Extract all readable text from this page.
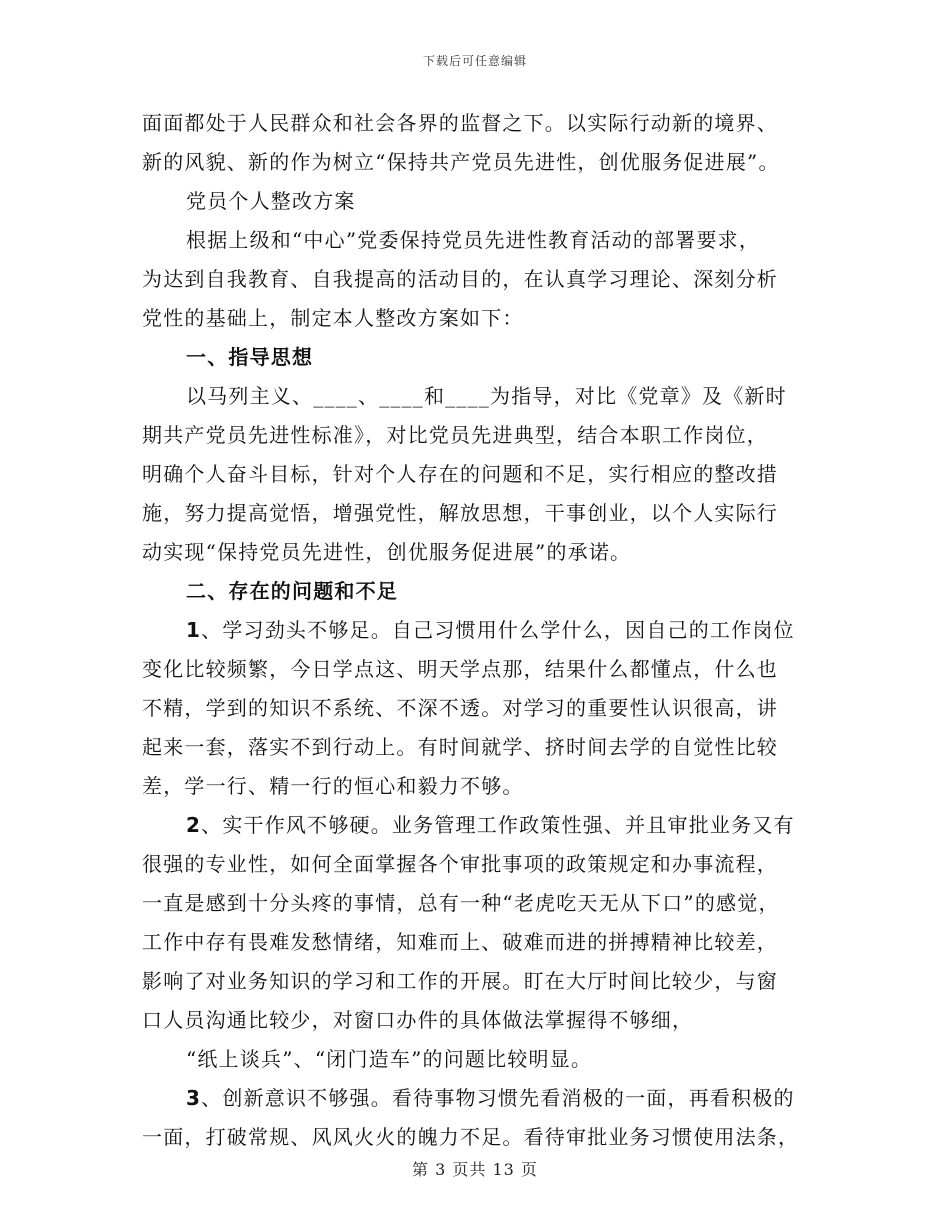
下载后可任意编辑
面面都处于人民群众和社会各界的监督之下。以实际行动新的境界、
新的风貌、新的作为树立“保持共产党员先进性，创优服务促进展”。
党员个人整改方案
根据上级和“中心”党委保持党员先进性教育活动的部署要求，
为达到自我教育、自我提高的活动目的，在认真学习理论、深刻分析
党性的基础上，制定本人整改方案如下：
一、指导思想
以马列主义、____、____和____为指导，对比《党章》及《新时
期共产党员先进性标准》，对比党员先进典型，结合本职工作岗位，
明确个人奋斗目标，针对个人存在的问题和不足，实行相应的整改措
施，努力提高觉悟，增强党性，解放思想，干事创业，以个人实际行
动实现“保持党员先进性，创优服务促进展”的承诺。
二、存在的问题和不足
1、学习劲头不够足。自己习惯用什么学什么，因自己的工作岗位
变化比较频繁，今日学点这、明天学点那，结果什么都懂点，什么也
不精，学到的知识不系统、不深不透。对学习的重要性认识很高，讲
起来一套，落实不到行动上。有时间就学、挤时间去学的自觉性比较
差，学一行、精一行的恒心和毅力不够。
2、实干作风不够硬。业务管理工作政策性强、并且审批业务又有
很强的专业性，如何全面掌握各个审批事项的政策规定和办事流程，
一直是感到十分头疼的事情，总有一种“老虎吃天无从下口”的感觉，
工作中存有畏难发愁情绪，知难而上、破难而进的拼搏精神比较差，
影响了对业务知识的学习和工作的开展。盯在大厅时间比较少，与窗
口人员沟通比较少，对窗口办件的具体做法掌握得不够细，
“纸上谈兵”、“闭门造车”的问题比较明显。
3、创新意识不够强。看待事物习惯先看消极的一面，再看积极的
一面，打破常规、风风火火的魄力不足。看待审批业务习惯使用法条，
第 3 页共 13 页
